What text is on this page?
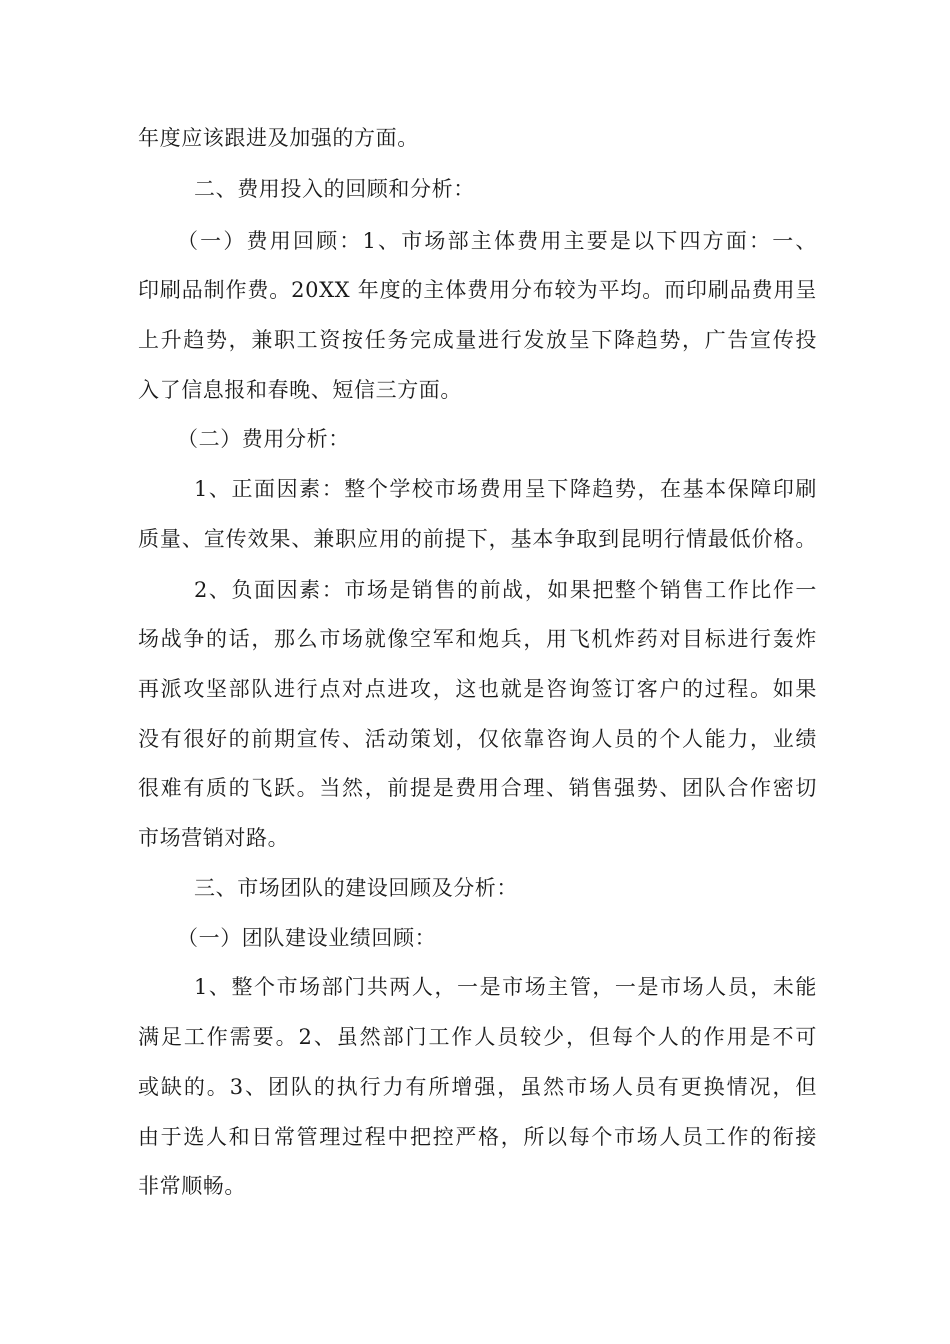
年度应该跟进及加强的方面。
二、费用投入的回顾和分析：
（一）费用回顾：1、市场部主体费用主要是以下四方面：一、
印刷品制作费。20XX 年度的主体费用分布较为平均。而印刷品费用呈
上升趋势，兼职工资按任务完成量进行发放呈下降趋势，广告宣传投
入了信息报和春晚、短信三方面。
（二）费用分析：
1、正面因素：整个学校市场费用呈下降趋势，在基本保障印刷
质量、宣传效果、兼职应用的前提下，基本争取到昆明行情最低价格。
2、负面因素：市场是销售的前战，如果把整个销售工作比作一
场战争的话，那么市场就像空军和炮兵，用飞机炸药对目标进行轰炸
再派攻坚部队进行点对点进攻，这也就是咨询签订客户的过程。如果
没有很好的前期宣传、活动策划，仅依靠咨询人员的个人能力，业绩
很难有质的飞跃。当然，前提是费用合理、销售强势、团队合作密切
市场营销对路。
三、市场团队的建设回顾及分析：
（一）团队建设业绩回顾：
1、整个市场部门共两人，一是市场主管，一是市场人员，未能
满足工作需要。2、虽然部门工作人员较少，但每个人的作用是不可
或缺的。3、团队的执行力有所增强，虽然市场人员有更换情况，但
由于选人和日常管理过程中把控严格，所以每个市场人员工作的衔接
非常顺畅。
